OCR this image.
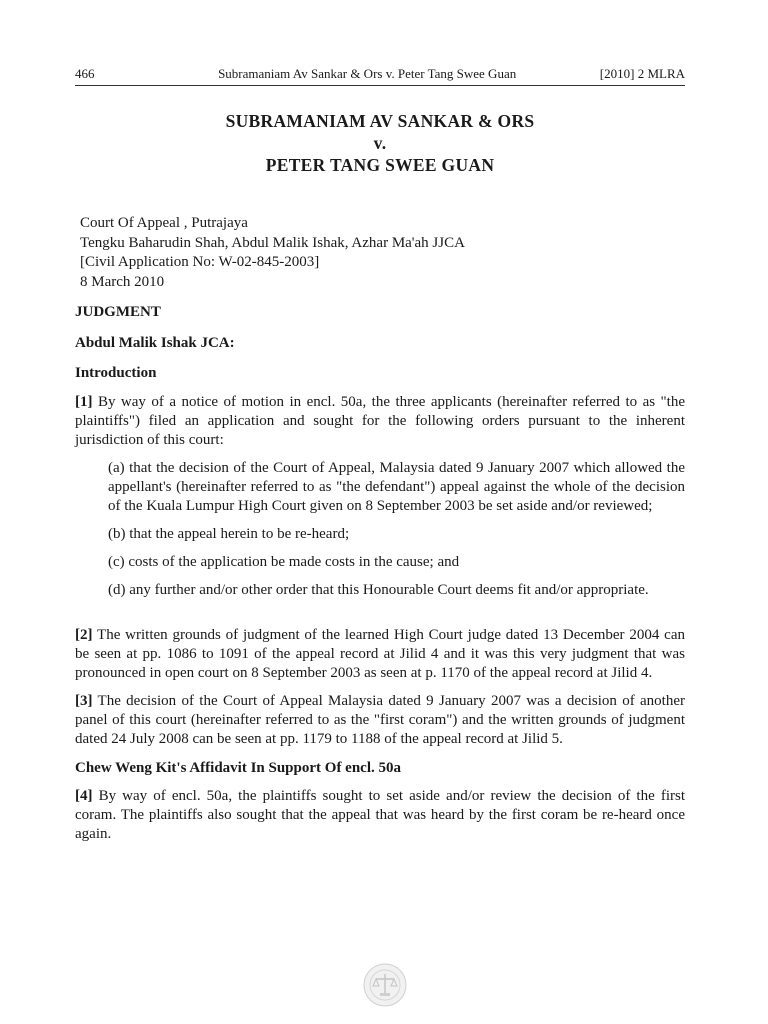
466	Subramaniam Av Sankar & Ors v. Peter Tang Swee Guan	[2010] 2 MLRA
SUBRAMANIAM AV SANKAR & ORS
v.
PETER TANG SWEE GUAN
Court Of Appeal , Putrajaya
Tengku Baharudin Shah, Abdul Malik Ishak, Azhar Ma'ah JJCA
[Civil Application No: W-02-845-2003]
8 March 2010

JUDGMENT

Abdul Malik Ishak JCA:

Introduction

[1] By way of a notice of motion in encl. 50a, the three applicants (hereinafter referred to as "the plaintiffs") filed an application and sought for the following orders pursuant to the inherent jurisdiction of this court:

(a) that the decision of the Court of Appeal, Malaysia dated 9 January 2007 which allowed the appellant's (hereinafter referred to as "the defendant") appeal against the whole of the decision of the Kuala Lumpur High Court given on 8 September 2003 be set aside and/or reviewed;

(b) that the appeal herein to be re-heard;

(c) costs of the application be made costs in the cause; and

(d) any further and/or other order that this Honourable Court deems fit and/or appropriate.

[2] The written grounds of judgment of the learned High Court judge dated 13 December 2004 can be seen at pp. 1086 to 1091 of the appeal record at Jilid 4 and it was this very judgment that was pronounced in open court on 8 September 2003 as seen at p. 1170 of the appeal record at Jilid 4.

[3] The decision of the Court of Appeal Malaysia dated 9 January 2007 was a decision of another panel of this court (hereinafter referred to as the "first coram") and the written grounds of judgment dated 24 July 2008 can be seen at pp. 1179 to 1188 of the appeal record at Jilid 5.

Chew Weng Kit's Affidavit In Support Of encl. 50a

[4] By way of encl. 50a, the plaintiffs sought to set aside and/or review the decision of the first coram. The plaintiffs also sought that the appeal that was heard by the first coram be re-heard once again.
